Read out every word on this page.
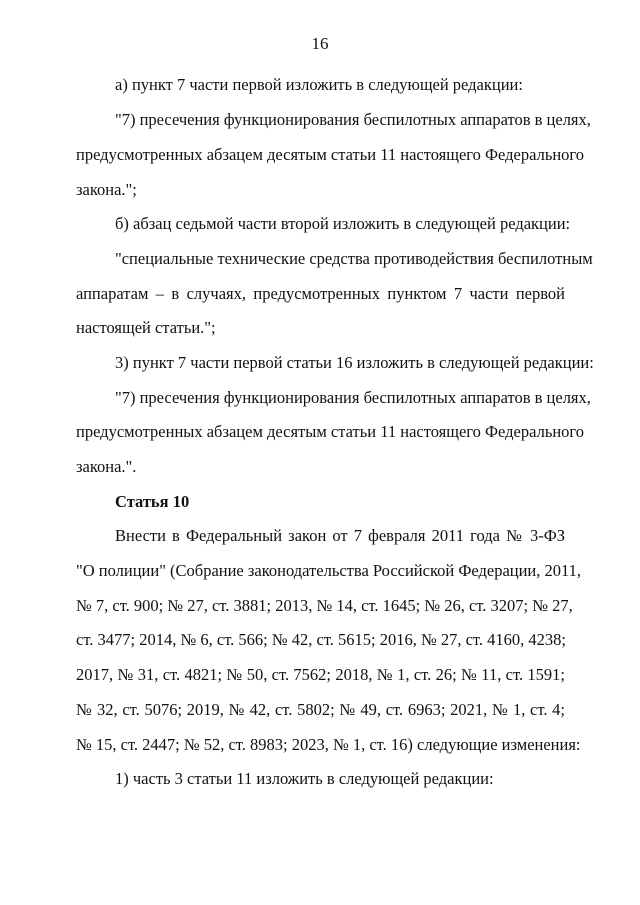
16
а) пункт 7 части первой изложить в следующей редакции:
"7) пресечения функционирования беспилотных аппаратов в целях,
предусмотренных абзацем десятым статьи 11 настоящего Федерального
закона.";
б) абзац седьмой части второй изложить в следующей редакции:
"специальные технические средства противодействия беспилотным
аппаратам – в случаях, предусмотренных пунктом 7 части первой
настоящей статьи.";
3) пункт 7 части первой статьи 16 изложить в следующей редакции:
"7) пресечения функционирования беспилотных аппаратов в целях,
предусмотренных абзацем десятым статьи 11 настоящего Федерального
закона.".
Статья 10
Внести в Федеральный закон от 7 февраля 2011 года № 3-ФЗ
"О полиции" (Собрание законодательства Российской Федерации, 2011,
№ 7, ст. 900; № 27, ст. 3881; 2013, № 14, ст. 1645; № 26, ст. 3207; № 27,
ст. 3477; 2014, № 6, ст. 566; № 42, ст. 5615; 2016, № 27, ст. 4160, 4238;
2017, № 31, ст. 4821; № 50, ст. 7562; 2018, № 1, ст. 26; № 11, ст. 1591;
№ 32, ст. 5076; 2019, № 42, ст. 5802; № 49, ст. 6963; 2021, № 1, ст. 4;
№ 15, ст. 2447; № 52, ст. 8983; 2023, № 1, ст. 16) следующие изменения:
1) часть 3 статьи 11 изложить в следующей редакции:
